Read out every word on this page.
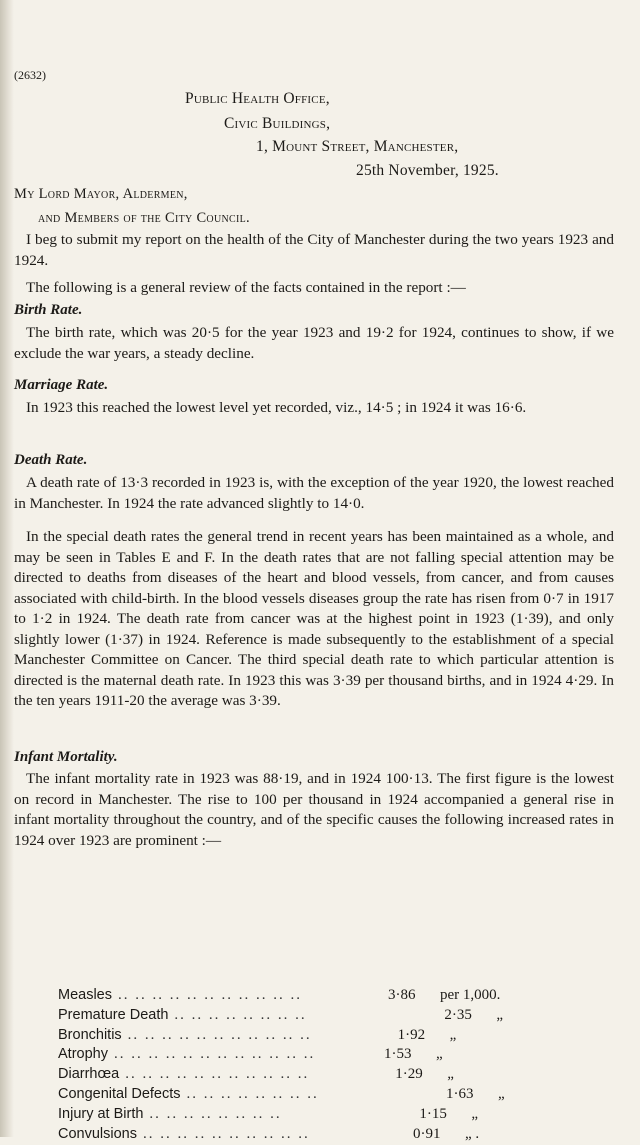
(2632)
Public Health Office,
Civic Buildings,
1, Mount Street, Manchester,
25th November, 1925.
My Lord Mayor, Aldermen,
and Members of the City Council.

I beg to submit my report on the health of the City of Manchester during the two years 1923 and 1924.

The following is a general review of the facts contained in the report :—

Birth Rate.

The birth rate, which was 20·5 for the year 1923 and 19·2 for 1924, continues to show, if we exclude the war years, a steady decline.

Marriage Rate.

In 1923 this reached the lowest level yet recorded, viz., 14·5 ; in 1924 it was 16·6.

Death Rate.

A death rate of 13·3 recorded in 1923 is, with the exception of the year 1920, the lowest reached in Manchester. In 1924 the rate advanced slightly to 14·0.

In the special death rates the general trend in recent years has been maintained as a whole, and may be seen in Tables E and F. In the death rates that are not falling special attention may be directed to deaths from diseases of the heart and blood vessels, from cancer, and from causes associated with child-birth. In the blood vessels diseases group the rate has risen from 0·7 in 1917 to 1·2 in 1924. The death rate from cancer was at the highest point in 1923 (1·39), and only slightly lower (1·37) in 1924. Reference is made subsequently to the establishment of a special Manchester Committee on Cancer. The third special death rate to which particular attention is directed is the maternal death rate. In 1923 this was 3·39 per thousand births, and in 1924 4·29. In the ten years 1911-20 the average was 3·39.

Infant Mortality.

The infant mortality rate in 1923 was 88·19, and in 1924 100·13. The first figure is the lowest on record in Manchester. The rise to 100 per thousand in 1924 accompanied a general rise in infant mortality throughout the country, and of the specific causes the following increased rates in 1924 over 1923 are prominent :—

Measles .. .. .. .. .. .. .. .. .. .. ..	3·86	per 1,000.
Premature Death .. .. .. .. .. .. .. ..	2·35	„
Bronchitis .. .. .. .. .. .. .. .. .. .. ..	1·92	„
Atrophy .. .. .. .. .. .. .. .. .. .. .. ..	1·53	„
Diarrhœa .. .. .. .. .. .. .. .. .. .. ..	1·29	„
Congenital Defects .. .. .. .. .. .. .. ..	1·63	„
Injury at Birth .. .. .. .. .. .. .. ..	1·15	„
Convulsions .. .. .. .. .. .. .. .. .. ..	0·91	„ .
